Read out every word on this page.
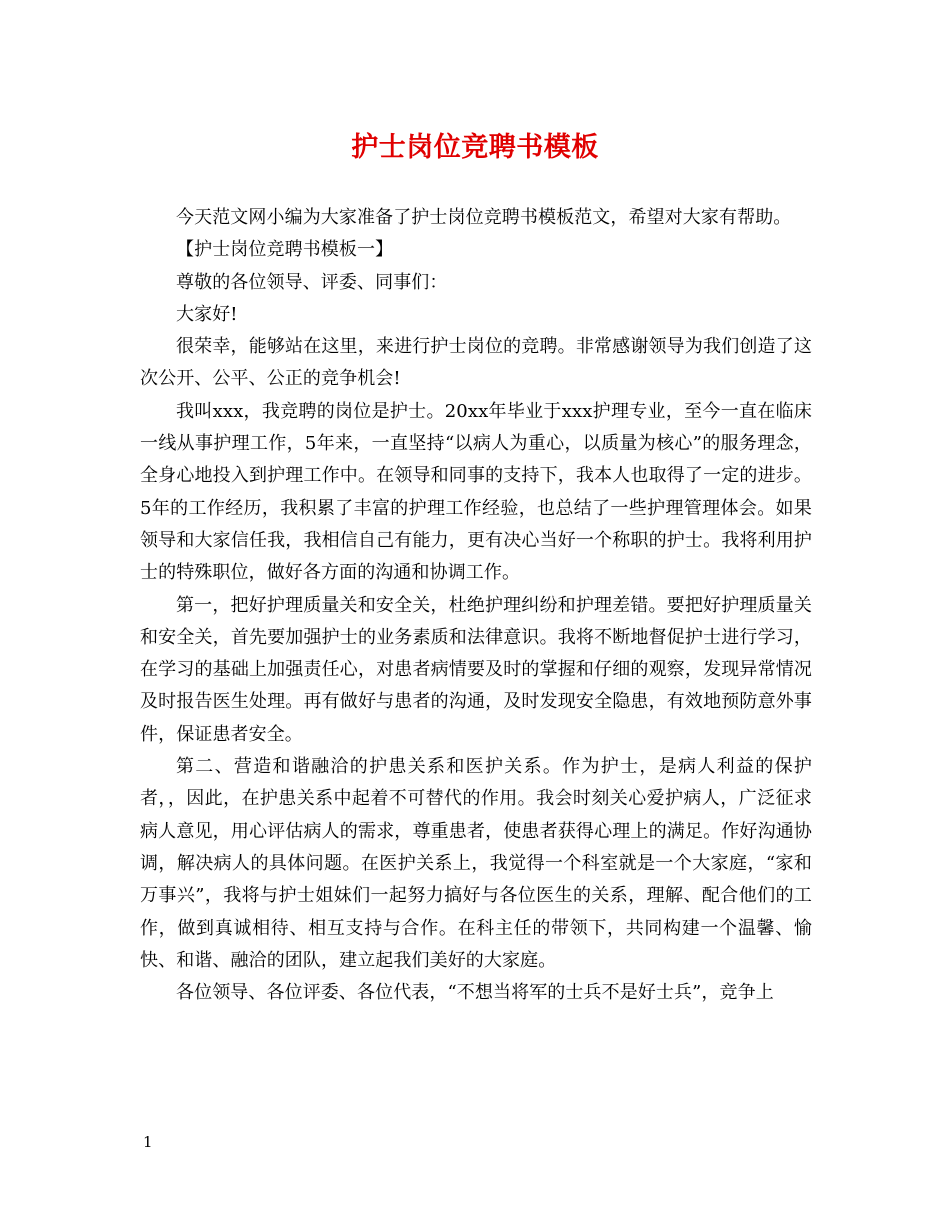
护士岗位竞聘书模板

今天范文网小编为大家准备了护士岗位竞聘书模板范文，希望对大家有帮助。

【护士岗位竞聘书模板一】

尊敬的各位领导、评委、同事们：

大家好!

很荣幸，能够站在这里，来进行护士岗位的竞聘。非常感谢领导为我们创造了这次公开、公平、公正的竞争机会!

我叫xxx，我竞聘的岗位是护士。20xx年毕业于xxx护理专业，至今一直在临床一线从事护理工作，5年来，一直坚持“以病人为重心，以质量为核心”的服务理念，全身心地投入到护理工作中。在领导和同事的支持下，我本人也取得了一定的进步。5年的工作经历，我积累了丰富的护理工作经验，也总结了一些护理管理体会。如果领导和大家信任我，我相信自己有能力，更有决心当好一个称职的护士。我将利用护士的特殊职位，做好各方面的沟通和协调工作。

第一，把好护理质量关和安全关，杜绝护理纠纷和护理差错。要把好护理质量关和安全关，首先要加强护士的业务素质和法律意识。我将不断地督促护士进行学习，在学习的基础上加强责任心，对患者病情要及时的掌握和仔细的观察，发现异常情况及时报告医生处理。再有做好与患者的沟通，及时发现安全隐患，有效地预防意外事件，保证患者安全。

第二、营造和谐融洽的护患关系和医护关系。作为护士，是病人利益的保护者，，因此，在护患关系中起着不可替代的作用。我会时刻关心爱护病人，广泛征求病人意见，用心评估病人的需求，尊重患者，使患者获得心理上的满足。作好沟通协调，解决病人的具体问题。在医护关系上，我觉得一个科室就是一个大家庭，“家和万事兴”，我将与护士姐妹们一起努力搞好与各位医生的关系，理解、配合他们的工作，做到真诚相待、相互支持与合作。在科主任的带领下，共同构建一个温馨、愉快、和谐、融洽的团队，建立起我们美好的大家庭。

各位领导、各位评委、各位代表，“不想当将军的士兵不是好士兵”，竞争上

1
